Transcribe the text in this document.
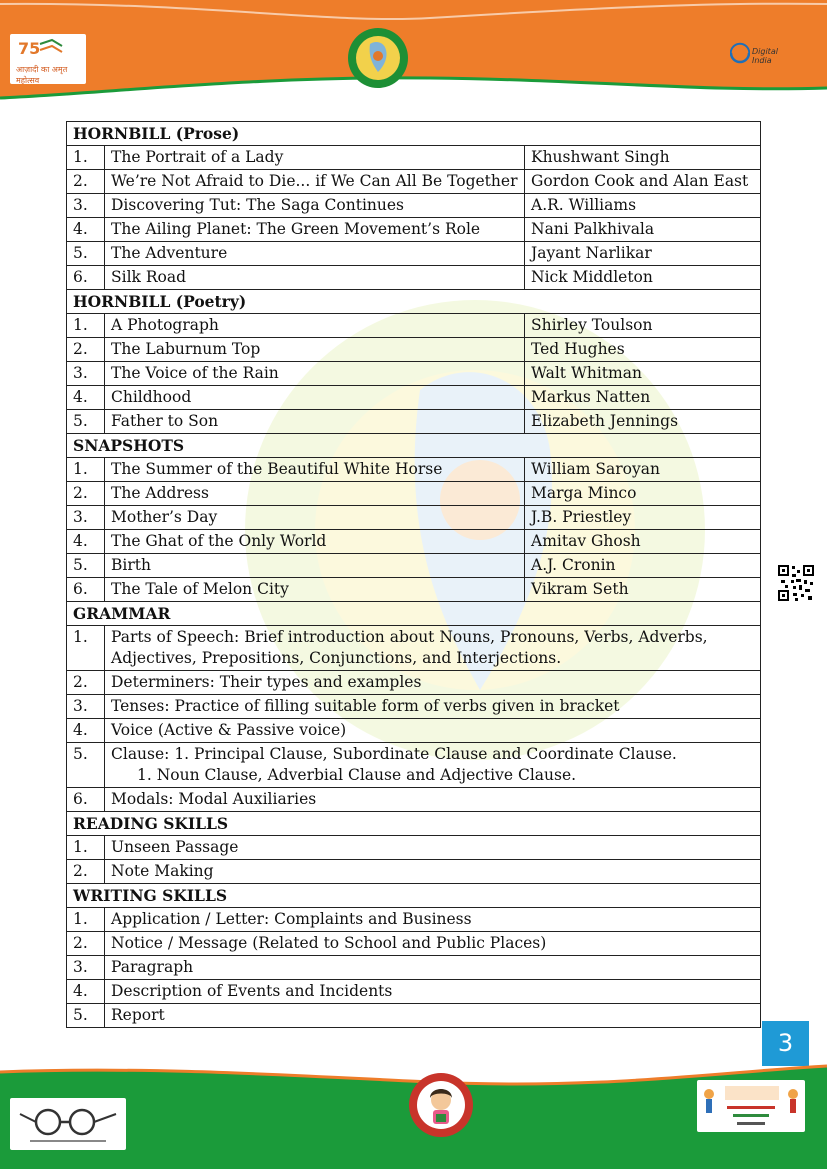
75
आज़ादी का अमृत महोत्सव
Digital India
HORNBILL (Prose)		
1.	The Portrait of a Lady	Khushwant Singh
2.	We’re Not Afraid to Die... if We Can All Be Together	Gordon Cook and Alan East
3.	Discovering Tut: The Saga Continues	A.R. Williams
4.	The Ailing Planet: The Green Movement’s Role	Nani Palkhivala
5.	The Adventure	Jayant Narlikar
6.	Silk Road	Nick Middleton
HORNBILL (Poetry)		
1.	A Photograph	Shirley Toulson
2.	The Laburnum Top	Ted Hughes
3.	The Voice of the Rain	Walt Whitman
4.	Childhood	Markus Natten
5.	Father to Son	Elizabeth Jennings
SNAPSHOTS		
1.	The Summer of the Beautiful White Horse	William Saroyan
2.	The Address	Marga Minco
3.	Mother’s Day	J.B. Priestley
4.	The Ghat of the Only World	Amitav Ghosh
5.	Birth	A.J. Cronin
6.	The Tale of Melon City	Vikram Seth
GRAMMAR		
1.	Parts of Speech: Brief introduction about Nouns, Pronouns, Verbs, Adverbs, Adjectives, Prepositions, Conjunctions, and Interjections.	
2.	Determiners: Their types and examples	
3.	Tenses: Practice of filling suitable form of verbs given in bracket	
4.	Voice (Active & Passive voice)	
5.	Clause: 1. Principal Clause, Subordinate Clause and Coordinate Clause.
1. Noun Clause, Adverbial Clause and Adjective Clause.	

6.	Modals: Modal Auxiliaries	
READING SKILLS		
1.	Unseen Passage	
2.	Note Making	
WRITING SKILLS		
1.	Application / Letter: Complaints and Business	
2.	Notice / Message (Related to School and Public Places)	
3.	Paragraph	
4.	Description of Events and Incidents	
5.	Report	
3
